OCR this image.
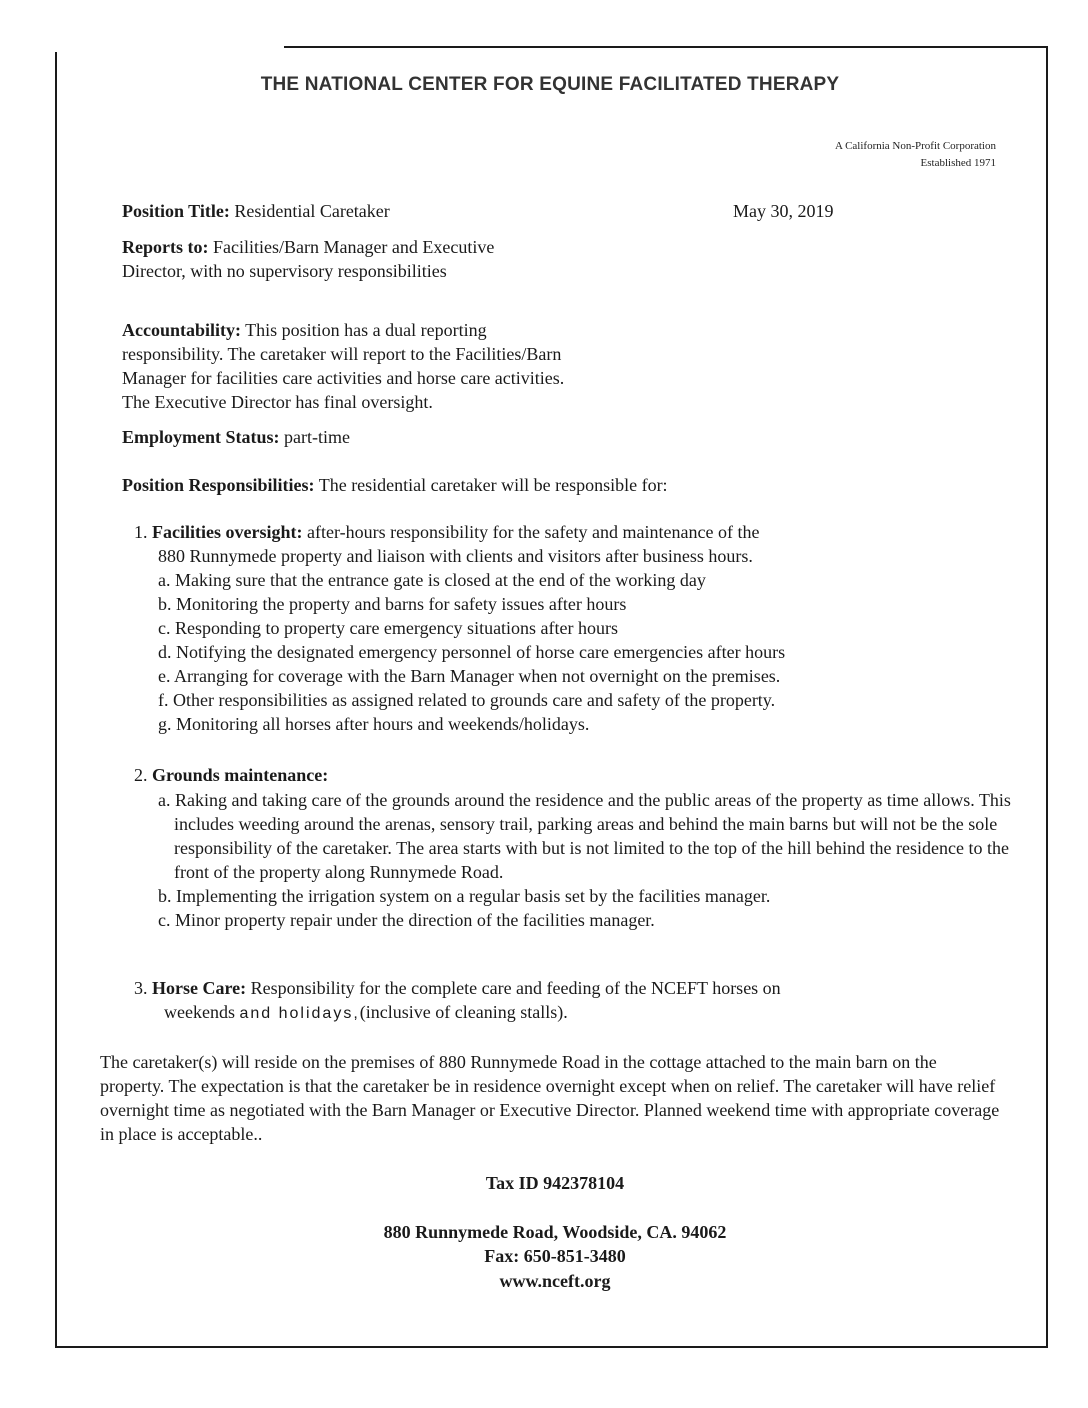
THE NATIONAL CENTER FOR EQUINE FACILITATED THERAPY
A California Non-Profit Corporation
Established 1971
Position Title: Residential Caretaker	May 30, 2019
Reports to: Facilities/Barn Manager and Executive
Director, with no supervisory responsibilities
Accountability: This position has a dual reporting
responsibility. The caretaker will report to the Facilities/Barn
Manager for facilities care activities and horse care activities.
The Executive Director has final oversight.
Employment Status: part-time
Position Responsibilities: The residential caretaker will be responsible for:
1. Facilities oversight: after-hours responsibility for the safety and maintenance of the
880 Runnymede property and liaison with clients and visitors after business hours.
a. Making sure that the entrance gate is closed at the end of the working day
b. Monitoring the property and barns for safety issues after hours
c. Responding to property care emergency situations after hours
d. Notifying the designated emergency personnel of horse care emergencies after hours
e. Arranging for coverage with the Barn Manager when not overnight on the premises.
f. Other responsibilities as assigned related to grounds care and safety of the property.
g. Monitoring all horses after hours and weekends/holidays.
2. Grounds maintenance:
a. Raking and taking care of the grounds around the residence and the public areas of the property as time allows. This includes weeding around the arenas, sensory trail, parking areas and behind the main barns but will not be the sole responsibility of the caretaker. The area starts with but is not limited to the top of the hill behind the residence to the front of the property along Runnymede Road.
b. Implementing the irrigation system on a regular basis set by the facilities manager.
c. Minor property repair under the direction of the facilities manager.
3. Horse Care: Responsibility for the complete care and feeding of the NCEFT horses on
weekends and holidays,(inclusive of cleaning stalls).
The caretaker(s) will reside on the premises of 880 Runnymede Road in the cottage attached to the main barn on the property. The expectation is that the caretaker be in residence overnight except when on relief. The caretaker will have relief overnight time as negotiated with the Barn Manager or Executive Director. Planned weekend time with appropriate coverage in place is acceptable..
Tax ID 942378104
880 Runnymede Road, Woodside, CA. 94062
Fax: 650-851-3480
www.nceft.org
